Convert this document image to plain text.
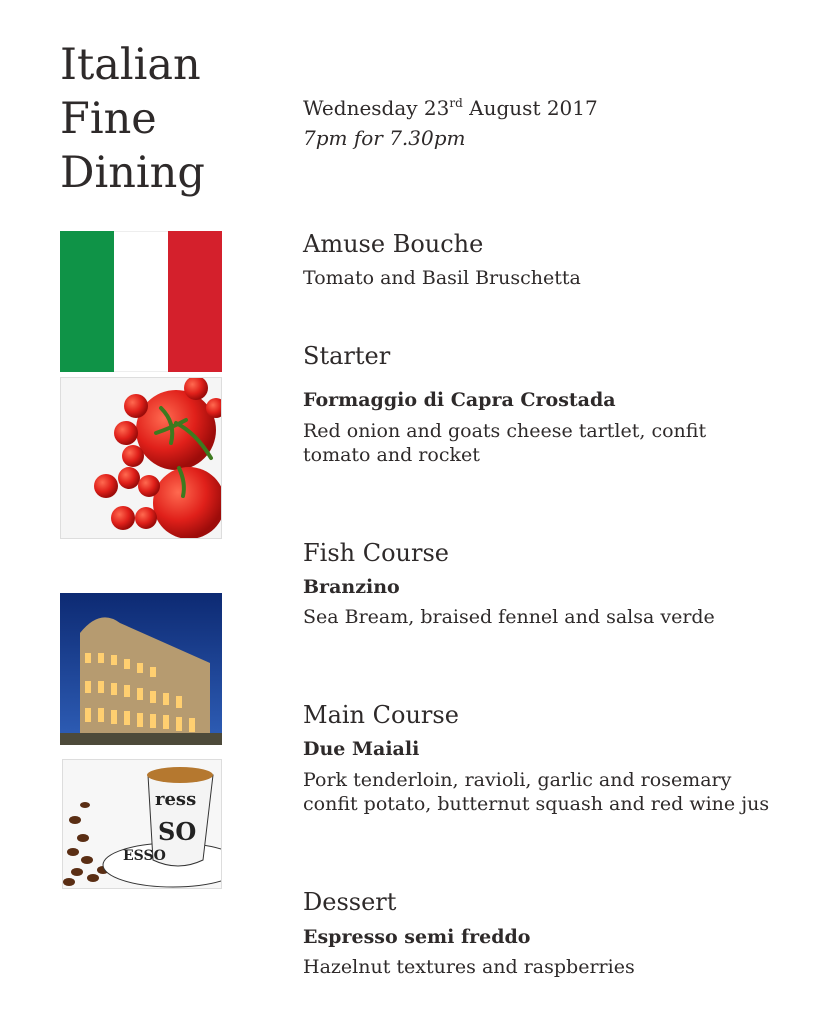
Italian
Fine
Dining
Wednesday 23rd August 2017
7pm for 7.30pm
ress
SO
ESSO
Amuse Bouche
Tomato and Basil Bruschetta
Starter
Formaggio di Capra Crostada
Red onion and goats cheese tartlet, confit tomato and rocket
Fish Course
Branzino
Sea Bream, braised fennel and salsa verde
Main Course
Due Maiali
Pork tenderloin, ravioli, garlic and rosemary confit potato, butternut squash and red wine jus
Dessert
Espresso semi freddo
Hazelnut textures and raspberries
